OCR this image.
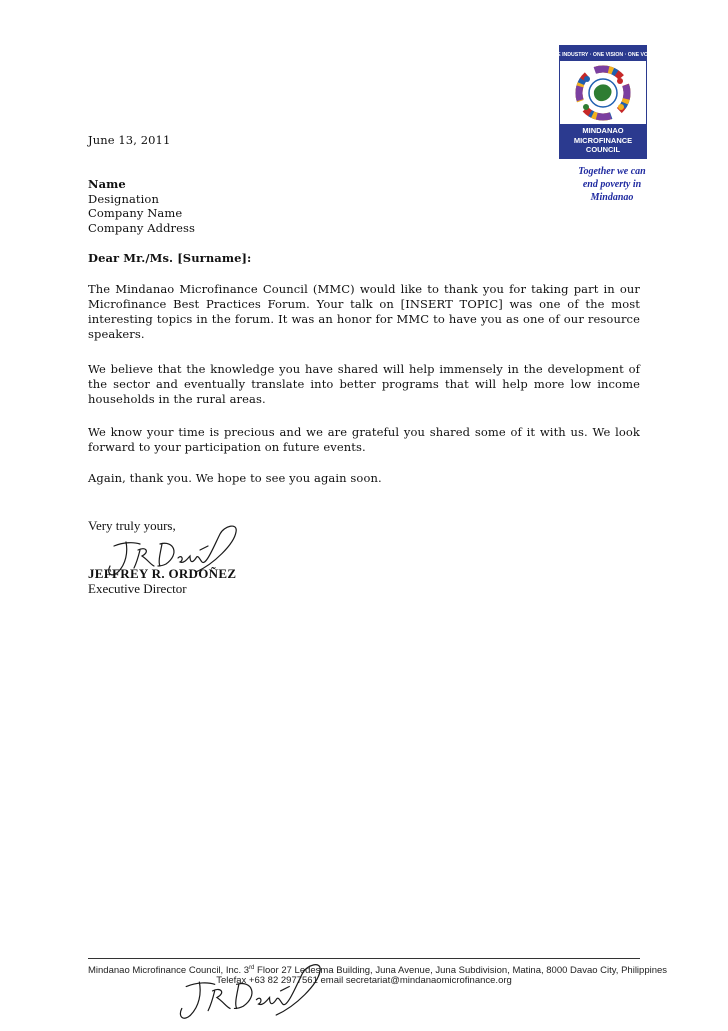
ONE INDUSTRY · ONE VISION · ONE VOICE
MINDANAO
MICROFINANCE
COUNCIL
Together we can
end poverty in
Mindanao
June 13, 2011
Name
Designation
Company Name
Company Address
Dear Mr./Ms. [Surname]:
The Mindanao Microfinance Council (MMC) would like to thank you for taking part in our Microfinance Best Practices Forum. Your talk on [INSERT TOPIC] was one of the most interesting topics in the forum. It was an honor for MMC to have you as one of our resource speakers.
We believe that the knowledge you have shared will help immensely in the development of the sector and eventually translate into better programs that will help more low income households in the rural areas.
We know your time is precious and we are grateful you shared some of it with us. We look forward to your participation on future events.
Again, thank you. We hope to see you again soon.
Very truly yours,
JEFFREY R. ORDOÑEZ
Executive Director
Mindanao Microfinance Council, Inc. 3rd Floor 27 Ledesma Building, Juna Avenue, Juna Subdivision, Matina, 8000 Davao City, Philippines
Telefax +63 82 2977561 email secretariat@mindanaomicrofinance.org
